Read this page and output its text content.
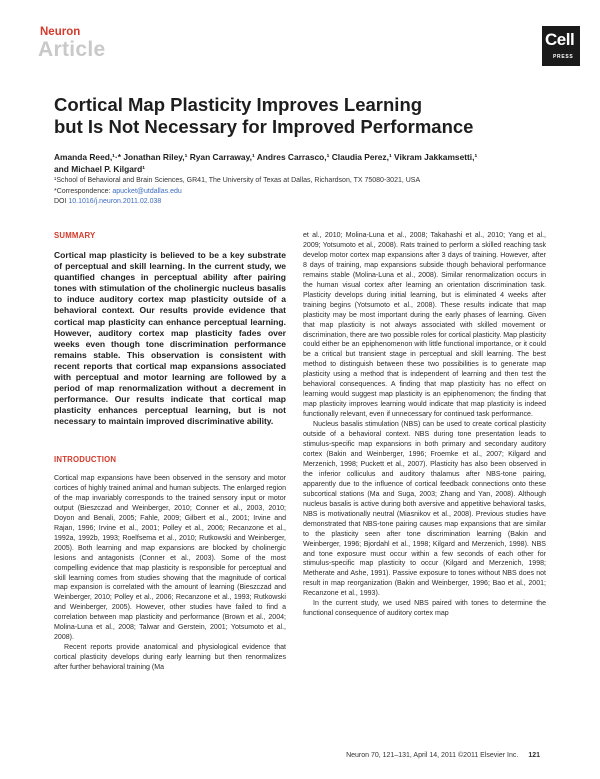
Neuron
Article	Cell
PRESS
Cortical Map Plasticity Improves Learning
but Is Not Necessary for Improved Performance
Amanda Reed,¹·* Jonathan Riley,¹ Ryan Carraway,¹ Andres Carrasco,¹ Claudia Perez,¹ Vikram Jakkamsetti,¹
and Michael P. Kilgard¹
¹School of Behavioral and Brain Sciences, GR41, The University of Texas at Dallas, Richardson, TX 75080-3021, USA
*Correspondence: apucket@utdallas.edu
DOI 10.1016/j.neuron.2011.02.038
SUMMARY
Cortical map plasticity is believed to be a key substrate of perceptual and skill learning. In the current study, we quantified changes in perceptual ability after pairing tones with stimulation of the cholinergic nucleus basalis to induce auditory cortex map plasticity outside of a behavioral context. Our results provide evidence that cortical map plasticity can enhance perceptual learning. However, auditory cortex map plasticity fades over weeks even though tone discrimination performance remains stable. This observation is consistent with recent reports that cortical map expansions associated with perceptual and motor learning are followed by a period of map renormalization without a decrement in performance. Our results indicate that cortical map plasticity enhances perceptual learning, but is not necessary to maintain improved discriminative ability.
INTRODUCTION

Cortical map expansions have been observed in the sensory and motor cortices of highly trained animal and human subjects. The enlarged region of the map invariably corresponds to the trained sensory input or motor output (Bieszczad and Weinberger, 2010; Conner et al., 2003, 2010; Doyon and Benali, 2005; Fahle, 2009; Gilbert et al., 2001; Irvine and Rajan, 1996; Irvine et al., 2001; Polley et al., 2006; Recanzone et al., 1992a, 1992b, 1993; Roelfsema et al., 2010; Rutkowski and Weinberger, 2005). Both learning and map expansions are blocked by cholinergic lesions and antagonists (Conner et al., 2003). Some of the most compelling evidence that map plasticity is responsible for perceptual and skill learning comes from studies showing that the magnitude of cortical map expansion is correlated with the amount of learning (Bieszczad and Weinberger, 2010; Polley et al., 2006; Recanzone et al., 1993; Rutkowski and Weinberger, 2005). However, other studies have failed to find a correlation between map plasticity and performance (Brown et al., 2004; Molina-Luna et al., 2008; Talwar and Gerstein, 2001; Yotsumoto et al., 2008).

Recent reports provide anatomical and physiological evidence that cortical plasticity develops during early learning but then renormalizes after further behavioral training (Ma

et al., 2010; Molina-Luna et al., 2008; Takahashi et al., 2010; Yang et al., 2009; Yotsumoto et al., 2008). Rats trained to perform a skilled reaching task develop motor cortex map expansions after 3 days of training. However, after 8 days of training, map expansions subside though behavioral performance remains stable (Molina-Luna et al., 2008). Similar renormalization occurs in the human visual cortex after learning an orientation discrimination task. Plasticity develops during initial learning, but is eliminated 4 weeks after training begins (Yotsumoto et al., 2008). These results indicate that map plasticity may be most important during the early phases of learning. Given that map plasticity is not always associated with skilled movement or discrimination, there are two possible roles for cortical plasticity. Map plasticity could either be an epiphenomenon with little functional importance, or it could be a critical but transient stage in perceptual and skill learning. The best method to distinguish between these two possibilities is to generate map plasticity using a method that is independent of learning and then test the behavioral consequences. A finding that map plasticity has no effect on learning would suggest map plasticity is an epiphenomenon; the finding that map plasticity improves learning would indicate that map plasticity is indeed functionally relevant, even if unnecessary for continued task performance.

Nucleus basalis stimulation (NBS) can be used to create cortical plasticity outside of a behavioral context. NBS during tone presentation leads to stimulus-specific map expansions in both primary and secondary auditory cortex (Bakin and Weinberger, 1996; Froemke et al., 2007; Kilgard and Merzenich, 1998; Puckett et al., 2007). Plasticity has also been observed in the inferior colliculus and auditory thalamus after NBS-tone pairing, apparently due to the influence of cortical feedback connections onto these subcortical stations (Ma and Suga, 2003; Zhang and Yan, 2008). Although nucleus basalis is active during both aversive and appetitive behavioral tasks, NBS is motivationally neutral (Miasnikov et al., 2008). Previous studies have demonstrated that NBS-tone pairing causes map expansions that are similar to the plasticity seen after tone discrimination learning (Bakin and Weinberger, 1996; Bjordahl et al., 1998; Kilgard and Merzenich, 1998). NBS and tone exposure must occur within a few seconds of each other for stimulus-specific map plasticity to occur (Kilgard and Merzenich, 1998; Metherate and Ashe, 1991). Passive exposure to tones without NBS does not result in map reorganization (Bakin and Weinberger, 1996; Bao et al., 2001; Recanzone et al., 1993).

In the current study, we used NBS paired with tones to determine the functional consequence of auditory cortex map

Neuron 70, 121–131, April 14, 2011 ©2011 Elsevier Inc. 121
